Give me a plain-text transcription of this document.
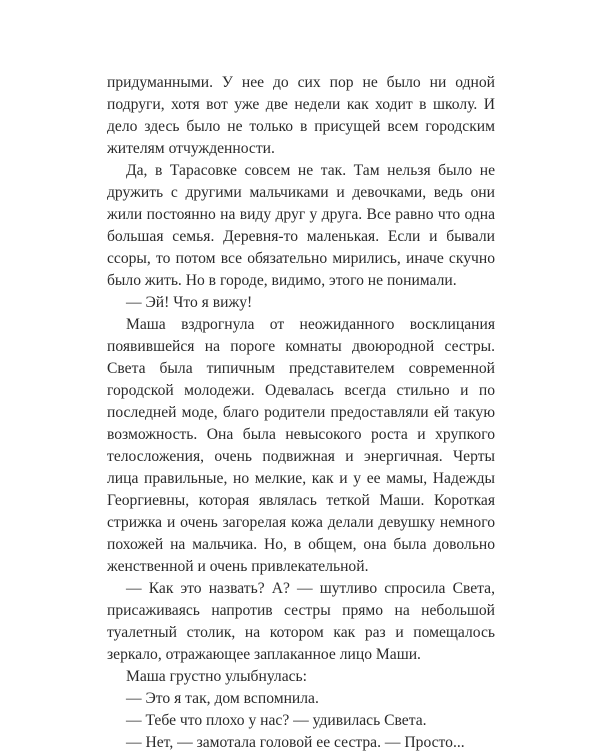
придуманными. У нее до сих пор не было ни одной подруги, хотя вот уже две недели как ходит в школу. И дело здесь было не только в присущей всем городским жителям отчужденности.

Да, в Тарасовке совсем не так. Там нельзя было не дружить с другими мальчиками и девочками, ведь они жили постоянно на виду друг у друга. Все равно что одна большая семья. Деревня-то маленькая. Если и бывали ссоры, то потом все обязательно мирились, иначе скучно было жить. Но в городе, видимо, этого не понимали.

— Эй! Что я вижу!

Маша вздрогнула от неожиданного восклицания появившейся на пороге комнаты двоюродной сестры. Света была типичным представителем современной городской молодежи. Одевалась всегда стильно и по последней моде, благо родители предоставляли ей такую возможность. Она была невысокого роста и хрупкого телосложения, очень подвижная и энергичная. Черты лица правильные, но мелкие, как и у ее мамы, Надежды Георгиевны, которая являлась теткой Маши. Короткая стрижка и очень загорелая кожа делали девушку немного похожей на мальчика. Но, в общем, она была довольно женственной и очень привлекательной.

— Как это назвать? А? — шутливо спросила Света, присаживаясь напротив сестры прямо на небольшой туалетный столик, на котором как раз и помещалось зеркало, отражающее заплаканное лицо Маши.

Маша грустно улыбнулась:

— Это я так, дом вспомнила.

— Тебе что плохо у нас? — удивилась Света.

— Нет, — замотала головой ее сестра. — Просто...
